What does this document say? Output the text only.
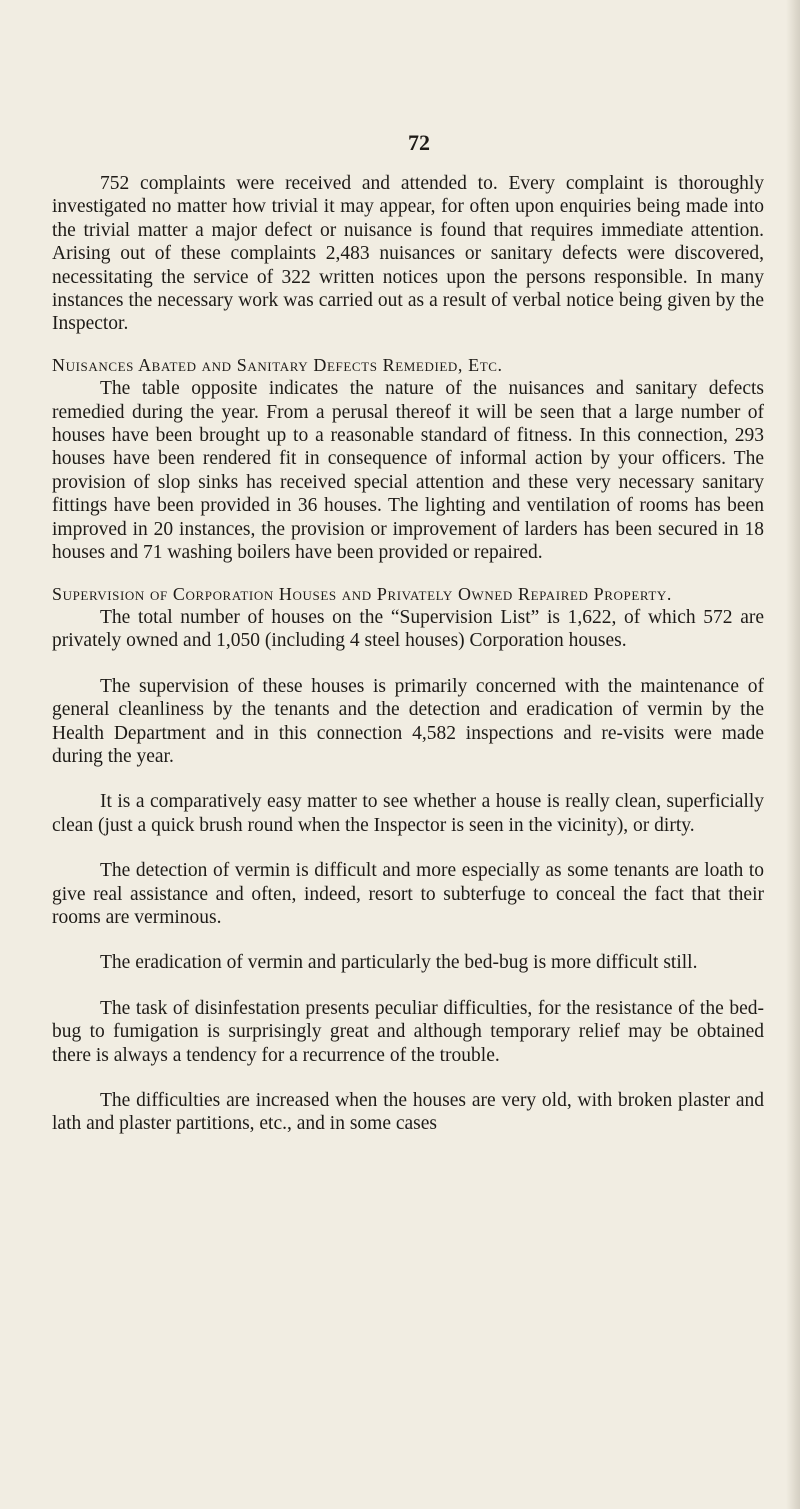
72

752 complaints were received and attended to. Every complaint is thoroughly investigated no matter how trivial it may appear, for often upon enquiries being made into the trivial matter a major defect or nuisance is found that requires immediate attention. Arising out of these complaints 2,483 nuisances or sanitary defects were discovered, necessitating the service of 322 written notices upon the persons responsible. In many instances the necessary work was carried out as a result of verbal notice being given by the Inspector.

Nuisances Abated and Sanitary Defects Remedied, Etc.

The table opposite indicates the nature of the nuisances and sanitary defects remedied during the year. From a perusal thereof it will be seen that a large number of houses have been brought up to a reasonable standard of fitness. In this connection, 293 houses have been rendered fit in consequence of informal action by your officers. The provision of slop sinks has received special attention and these very necessary sanitary fittings have been provided in 36 houses. The lighting and ventilation of rooms has been improved in 20 instances, the provision or improvement of larders has been secured in 18 houses and 71 washing boilers have been provided or repaired.

Supervision of Corporation Houses and Privately Owned Repaired Property.

The total number of houses on the “Supervision List” is 1,622, of which 572 are privately owned and 1,050 (including 4 steel houses) Corporation houses.

The supervision of these houses is primarily concerned with the maintenance of general cleanliness by the tenants and the detection and eradication of vermin by the Health Department and in this connection 4,582 inspections and re-visits were made during the year.

It is a comparatively easy matter to see whether a house is really clean, superficially clean (just a quick brush round when the Inspector is seen in the vicinity), or dirty.

The detection of vermin is difficult and more especially as some tenants are loath to give real assistance and often, indeed, resort to subterfuge to conceal the fact that their rooms are verminous.

The eradication of vermin and particularly the bed-bug is more difficult still.

The task of disinfestation presents peculiar difficulties, for the resistance of the bed-bug to fumigation is surprisingly great and although temporary relief may be obtained there is always a tendency for a recurrence of the trouble.

The difficulties are increased when the houses are very old, with broken plaster and lath and plaster partitions, etc., and in some cases
